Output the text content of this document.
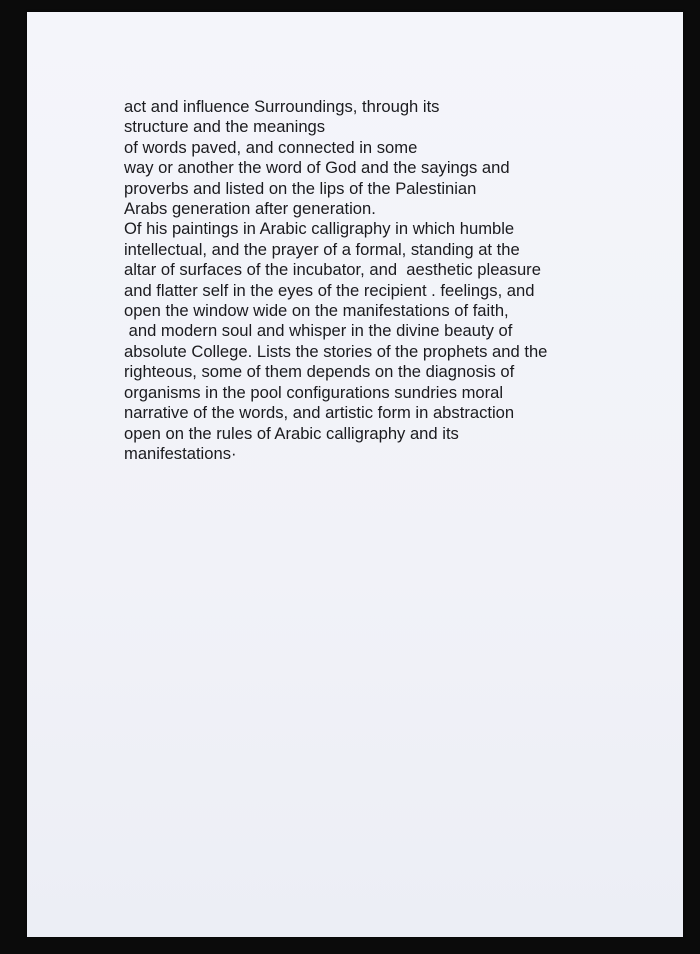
act and influence Surroundings, through its
structure and the meanings
of words paved, and connected in some
way or another the word of God and the sayings and
proverbs and listed on the lips of the Palestinian
Arabs generation after generation.
Of his paintings in Arabic calligraphy in which humble
intellectual, and the prayer of a formal, standing at the
altar of surfaces of the incubator, and  aesthetic pleasure
and flatter self in the eyes of the recipient . feelings, and
open the window wide on the manifestations of faith,
and modern soul and whisper in the divine beauty of
absolute College. Lists the stories of the prophets and the
righteous, some of them depends on the diagnosis of
organisms in the pool configurations sundries moral
narrative of the words, and artistic form in abstraction
open on the rules of Arabic calligraphy and its
manifestations·
